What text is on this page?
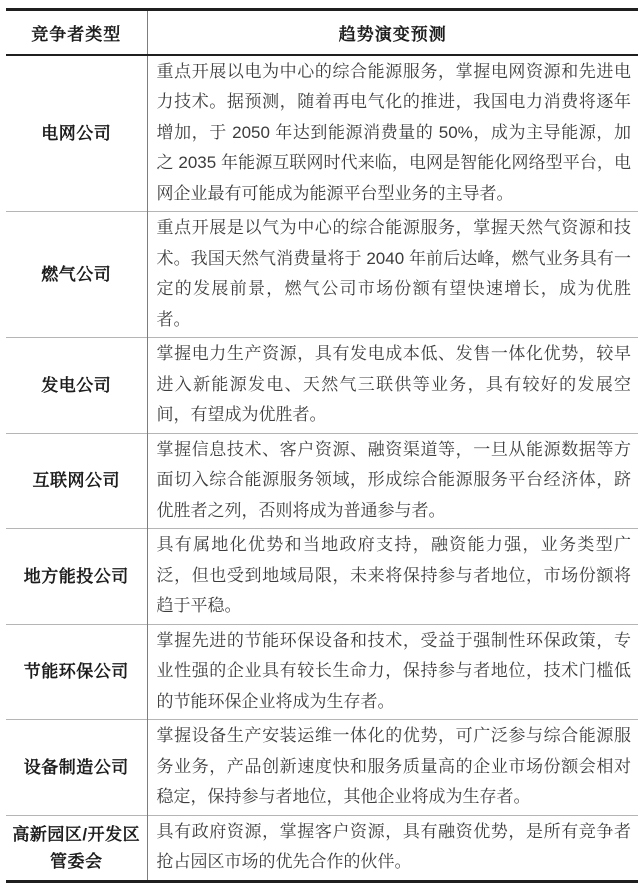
竞争者类型	趋势演变预测
电网公司	重点开展以电为中心的综合能源服务，掌握电网资源和先进电力技术。据预测，随着再电气化的推进，我国电力消费将逐年增加，于 2050 年达到能源消费量的 50%，成为主导能源，加之 2035 年能源互联网时代来临，电网是智能化网络型平台，电网企业最有可能成为能源平台型业务的主导者。
燃气公司	重点开展是以气为中心的综合能源服务，掌握天然气资源和技术。我国天然气消费量将于 2040 年前后达峰，燃气业务具有一定的发展前景，燃气公司市场份额有望快速增长，成为优胜者。
发电公司	掌握电力生产资源，具有发电成本低、发售一体化优势，较早进入新能源发电、天然气三联供等业务，具有较好的发展空间，有望成为优胜者。
互联网公司	掌握信息技术、客户资源、融资渠道等，一旦从能源数据等方面切入综合能源服务领域，形成综合能源服务平台经济体，跻优胜者之列，否则将成为普通参与者。
地方能投公司	具有属地化优势和当地政府支持，融资能力强，业务类型广泛，但也受到地域局限，未来将保持参与者地位，市场份额将趋于平稳。
节能环保公司	掌握先进的节能环保设备和技术，受益于强制性环保政策，专业性强的企业具有较长生命力，保持参与者地位，技术门槛低的节能环保企业将成为生存者。
设备制造公司	掌握设备生产安装运维一体化的优势，可广泛参与综合能源服务业务，产品创新速度快和服务质量高的企业市场份额会相对稳定，保持参与者地位，其他企业将成为生存者。
高新园区/开发区管委会	具有政府资源，掌握客户资源，具有融资优势，是所有竞争者抢占园区市场的优先合作的伙伴。
